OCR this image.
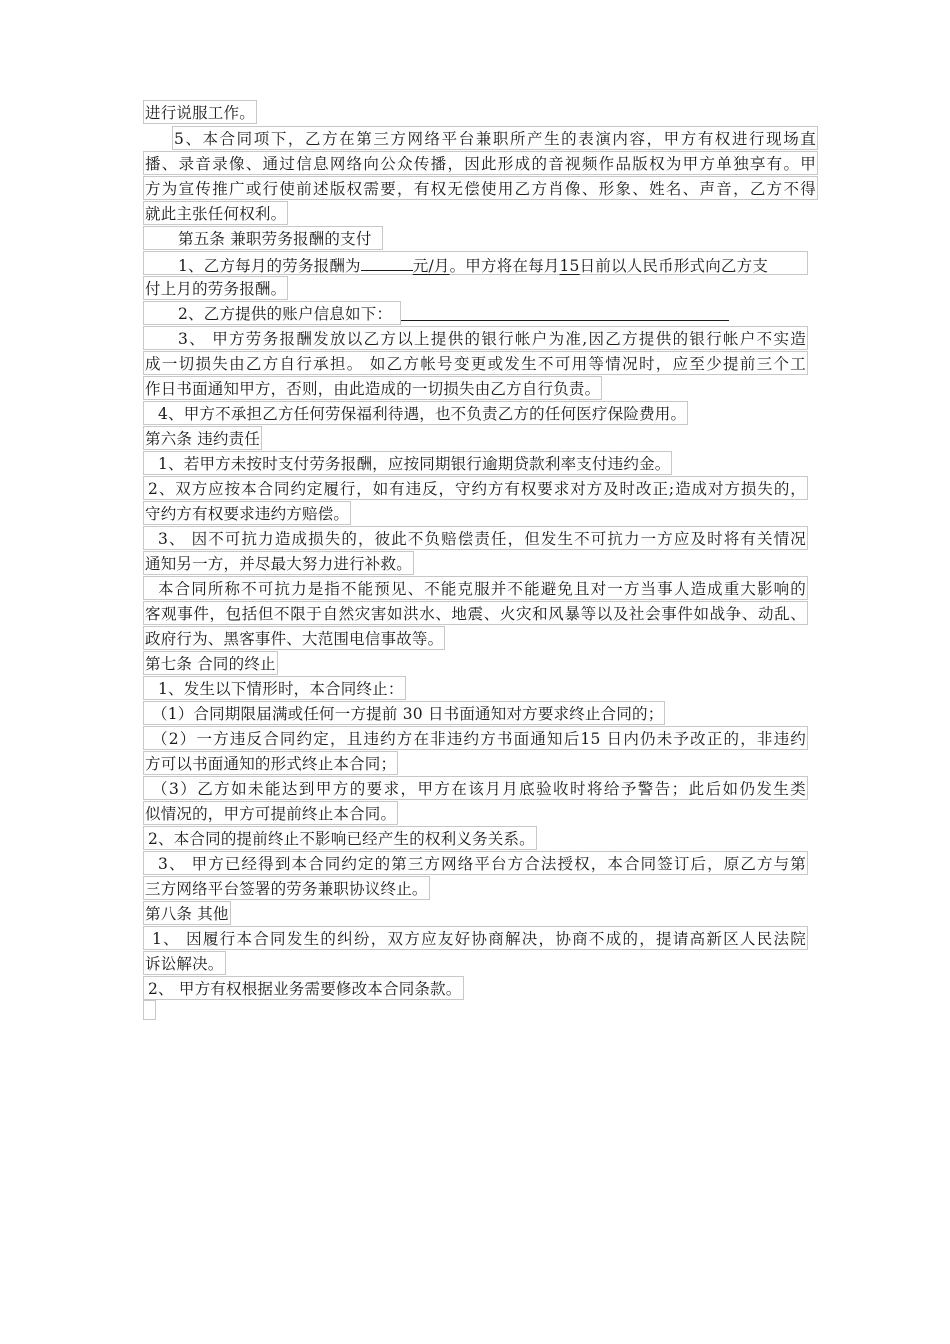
进行说服工作。
5、本合同项下，乙方在第三方网络平台兼职所产生的表演内容，甲方有权进行现场直
播、录音录像、通过信息网络向公众传播，因此形成的音视频作品版权为甲方单独享有。甲
方为宣传推广或行使前述版权需要，有权无偿使用乙方肖像、形象、姓名、声音，乙方不得
就此主张任何权利。
第五条 兼职劳务报酬的支付
1、乙方每月的劳务报酬为	元/月。甲方将在每月15日前以人民币形式向乙方支
付上月的劳务报酬。
2、乙方提供的账户信息如下：
3、 甲方劳务报酬发放以乙方以上提供的银行帐户为准,因乙方提供的银行帐户不实造
成一切损失由乙方自行承担。 如乙方帐号变更或发生不可用等情况时，应至少提前三个工
作日书面通知甲方，否则，由此造成的一切损失由乙方自行负责。
4、甲方不承担乙方任何劳保福利待遇，也不负责乙方的任何医疗保险费用。
第六条 违约责任
1、若甲方未按时支付劳务报酬，应按同期银行逾期贷款利率支付违约金。
2、双方应按本合同约定履行，如有违反，守约方有权要求对方及时改正;造成对方损失的，
守约方有权要求违约方赔偿。
3、 因不可抗力造成损失的，彼此不负赔偿责任，但发生不可抗力一方应及时将有关情况
通知另一方，并尽最大努力进行补救。
本合同所称不可抗力是指不能预见、不能克服并不能避免且对一方当事人造成重大影响的
客观事件，包括但不限于自然灾害如洪水、地震、火灾和风暴等以及社会事件如战争、动乱、
政府行为、黑客事件、大范围电信事故等。
第七条 合同的终止
1、发生以下情形时，本合同终止：
（1）合同期限届满或任何一方提前 30 日书面通知对方要求终止合同的；
（2）一方违反合同约定，且违约方在非违约方书面通知后15 日内仍未予改正的，非违约
方可以书面通知的形式终止本合同；
（3）乙方如未能达到甲方的要求，甲方在该月月底验收时将给予警告；此后如仍发生类
似情况的，甲方可提前终止本合同。
2、本合同的提前终止不影响已经产生的权利义务关系。
3、 甲方已经得到本合同约定的第三方网络平台方合法授权，本合同签订后，原乙方与第
三方网络平台签署的劳务兼职协议终止。
第八条 其他
1、 因履行本合同发生的纠纷，双方应友好协商解决，协商不成的，提请高新区人民法院
诉讼解决。
2、 甲方有权根据业务需要修改本合同条款。
